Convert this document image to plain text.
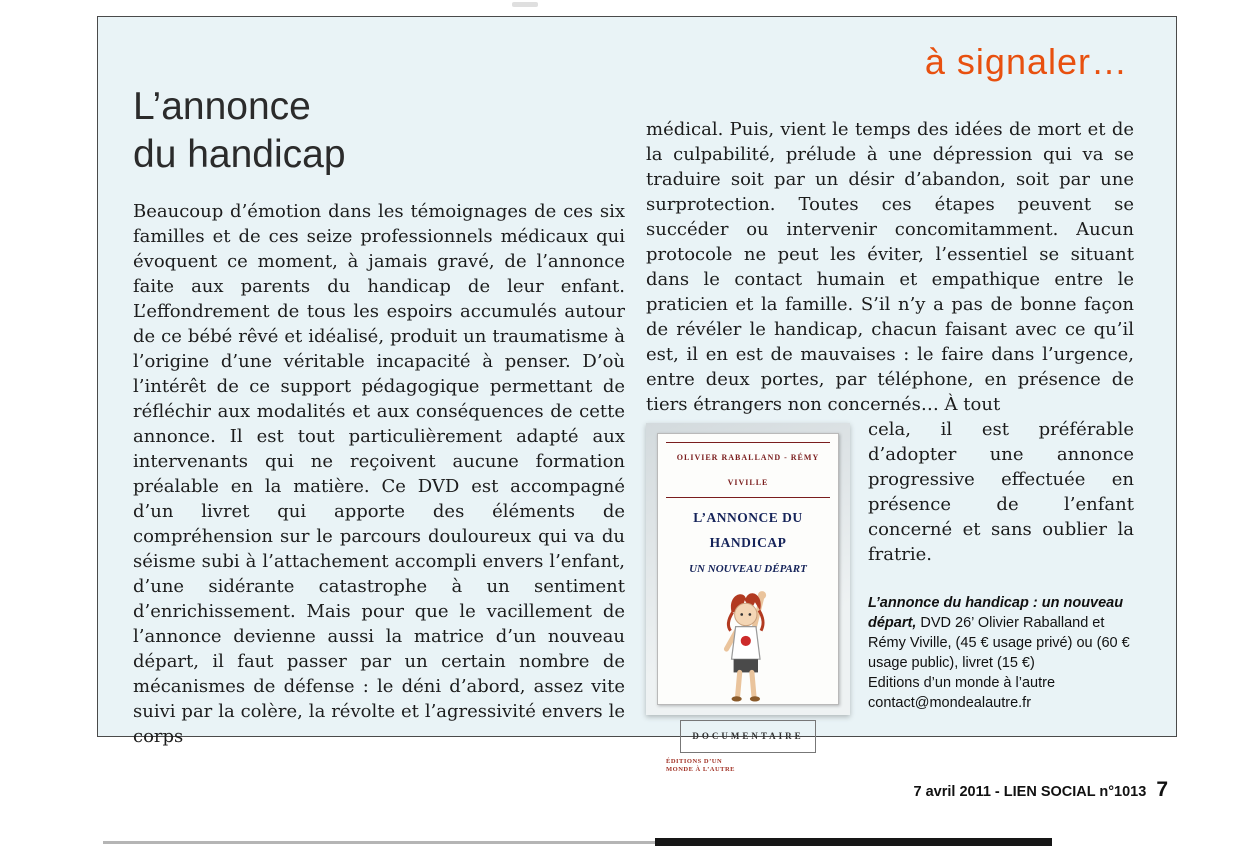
à signaler…
L’annonce
du handicap
Beaucoup d’émotion dans les témoignages de ces six familles et de ces seize professionnels médicaux qui évoquent ce moment, à jamais gravé, de l’annonce faite aux parents du handicap de leur enfant. L’effondrement de tous les espoirs accumulés autour de ce bébé rêvé et idéalisé, produit un traumatisme à l’origine d’une véritable incapacité à penser. D’où l’intérêt de ce support pédagogique permettant de réfléchir aux modalités et aux conséquences de cette annonce. Il est tout particulièrement adapté aux intervenants qui ne reçoivent aucune formation préalable en la matière. Ce DVD est accompagné d’un livret qui apporte des éléments de compréhension sur le parcours douloureux qui va du séisme subi à l’attachement accompli envers l’enfant, d’une sidérante catastrophe à un sentiment d’enrichissement. Mais pour que le vacillement de l’annonce devienne aussi la matrice d’un nouveau départ, il faut passer par un certain nombre de mécanismes de défense : le déni d’abord, assez vite suivi par la colère, la révolte et l’agressivité envers le corps

médical. Puis, vient le temps des idées de mort et de la culpabilité, prélude à une dépression qui va se traduire soit par un désir d’abandon, soit par une surprotection. Toutes ces étapes peuvent se succéder ou intervenir concomitamment. Aucun protocole ne peut les éviter, l’essentiel se situant dans le contact humain et empathique entre le praticien et la famille. S’il n’y a pas de bonne façon de révéler le handicap, chacun faisant avec ce qu’il est, il en est de mauvaises : le faire dans l’urgence, entre deux portes, par téléphone, en présence de tiers étrangers non concernés… À tout

OLIVIER RABALLAND - RÉMY VIVILLE
L’ANNONCE DU HANDICAP
UN NOUVEAU DÉPART
DOCUMENTAIRE
ÉDITIONS D’UN MONDE À L’AUTRE

cela, il est préférable d’adopter une annonce progressive effectuée en présence de l’enfant concerné et sans oublier la fratrie.

L’annonce du handicap : un nouveau départ, DVD 26’ Olivier Raballand et Rémy Viville, (45 € usage privé) ou (60 € usage public), livret (15 €)
Editions d’un monde à l’autre
contact@mondealautre.fr

7 avril 2011 - LIEN SOCIAL n°1013 7
